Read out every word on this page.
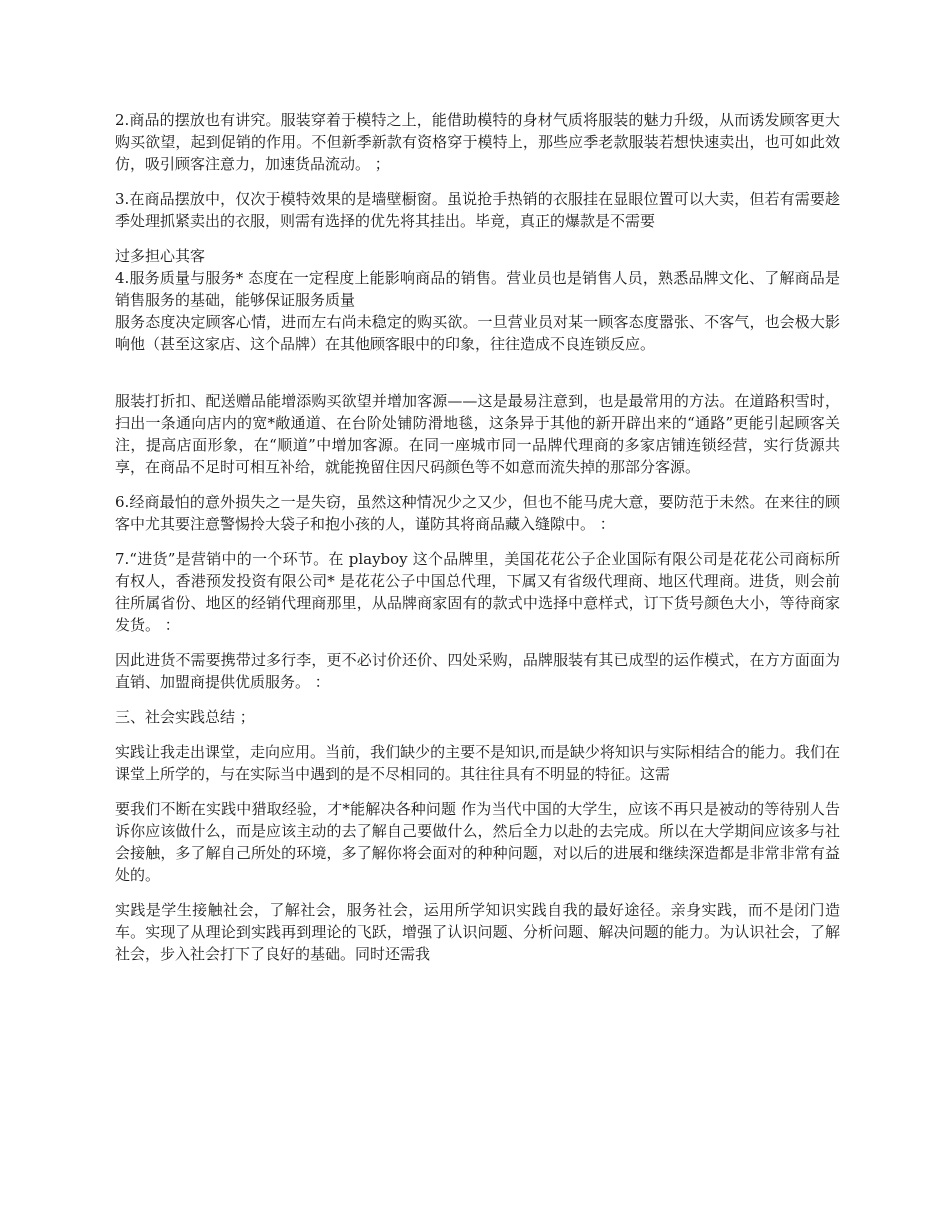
2.商品的摆放也有讲究。服装穿着于模特之上，能借助模特的身材气质将服装的魅力升级，从而诱发顾客更大购买欲望，起到促销的作用。不但新季新款有资格穿于模特上，那些应季老款服装若想快速卖出，也可如此效仿，吸引顾客注意力，加速货品流动。 ；

3.在商品摆放中，仅次于模特效果的是墙壁橱窗。虽说抢手热销的衣服挂在显眼位置可以大卖，但若有需要趁季处理抓紧卖出的衣服，则需有选择的优先将其挂出。毕竟，真正的爆款是不需要

过多担心其客

4.服务质量与服务* 态度在一定程度上能影响商品的销售。营业员也是销售人员，熟悉品牌文化、了解商品是销售服务的基础，能够保证服务质量

服务态度决定顾客心情，进而左右尚未稳定的购买欲。一旦营业员对某一顾客态度嚣张、不客气，也会极大影响他（甚至这家店、这个品牌）在其他顾客眼中的印象，往往造成不良连锁反应。

服装打折扣、配送赠品能增添购买欲望并增加客源——这是最易注意到，也是最常用的方法。在道路积雪时，扫出一条通向店内的宽*敞通道、在台阶处铺防滑地毯，这条异于其他的新开辟出来的“通路”更能引起顾客关注，提高店面形象，在“顺道”中增加客源。在同一座城市同一品牌代理商的多家店铺连锁经营，实行货源共享，在商品不足时可相互补给，就能挽留住因尺码颜色等不如意而流失掉的那部分客源。

6.经商最怕的意外损失之一是失窃，虽然这种情况少之又少，但也不能马虎大意，要防范于未然。在来往的顾客中尤其要注意警惕拎大袋子和抱小孩的人，谨防其将商品藏入缝隙中。 ：

7.“进货”是营销中的一个环节。在 playboy 这个品牌里，美国花花公子企业国际有限公司是花花公司商标所有权人，香港预发投资有限公司* 是花花公子中国总代理，下属又有省级代理商、地区代理商。进货，则会前往所属省份、地区的经销代理商那里，从品牌商家固有的款式中选择中意样式，订下货号颜色大小，等待商家发货。 ：

因此进货不需要携带过多行李，更不必讨价还价、四处采购，品牌服装有其已成型的运作模式，在方方面面为直销、加盟商提供优质服务。 ：

三、社会实践总结 ；

实践让我走出课堂，走向应用。当前，我们缺少的主要不是知识,而是缺少将知识与实际相结合的能力。我们在课堂上所学的，与在实际当中遇到的是不尽相同的。其往往具有不明显的特征。这需

要我们不断在实践中猎取经验，才*能解决各种问题 作为当代中国的大学生，应该不再只是被动的等待别人告诉你应该做什么，而是应该主动的去了解自己要做什么，然后全力以赴的去完成。所以在大学期间应该多与社会接触，多了解自己所处的环境，多了解你将会面对的种种问题，对以后的进展和继续深造都是非常非常有益处的。

实践是学生接触社会，了解社会，服务社会，运用所学知识实践自我的最好途径。亲身实践，而不是闭门造车。实现了从理论到实践再到理论的飞跃，增强了认识问题、分析问题、解决问题的能力。为认识社会，了解社会，步入社会打下了良好的基础。同时还需我
